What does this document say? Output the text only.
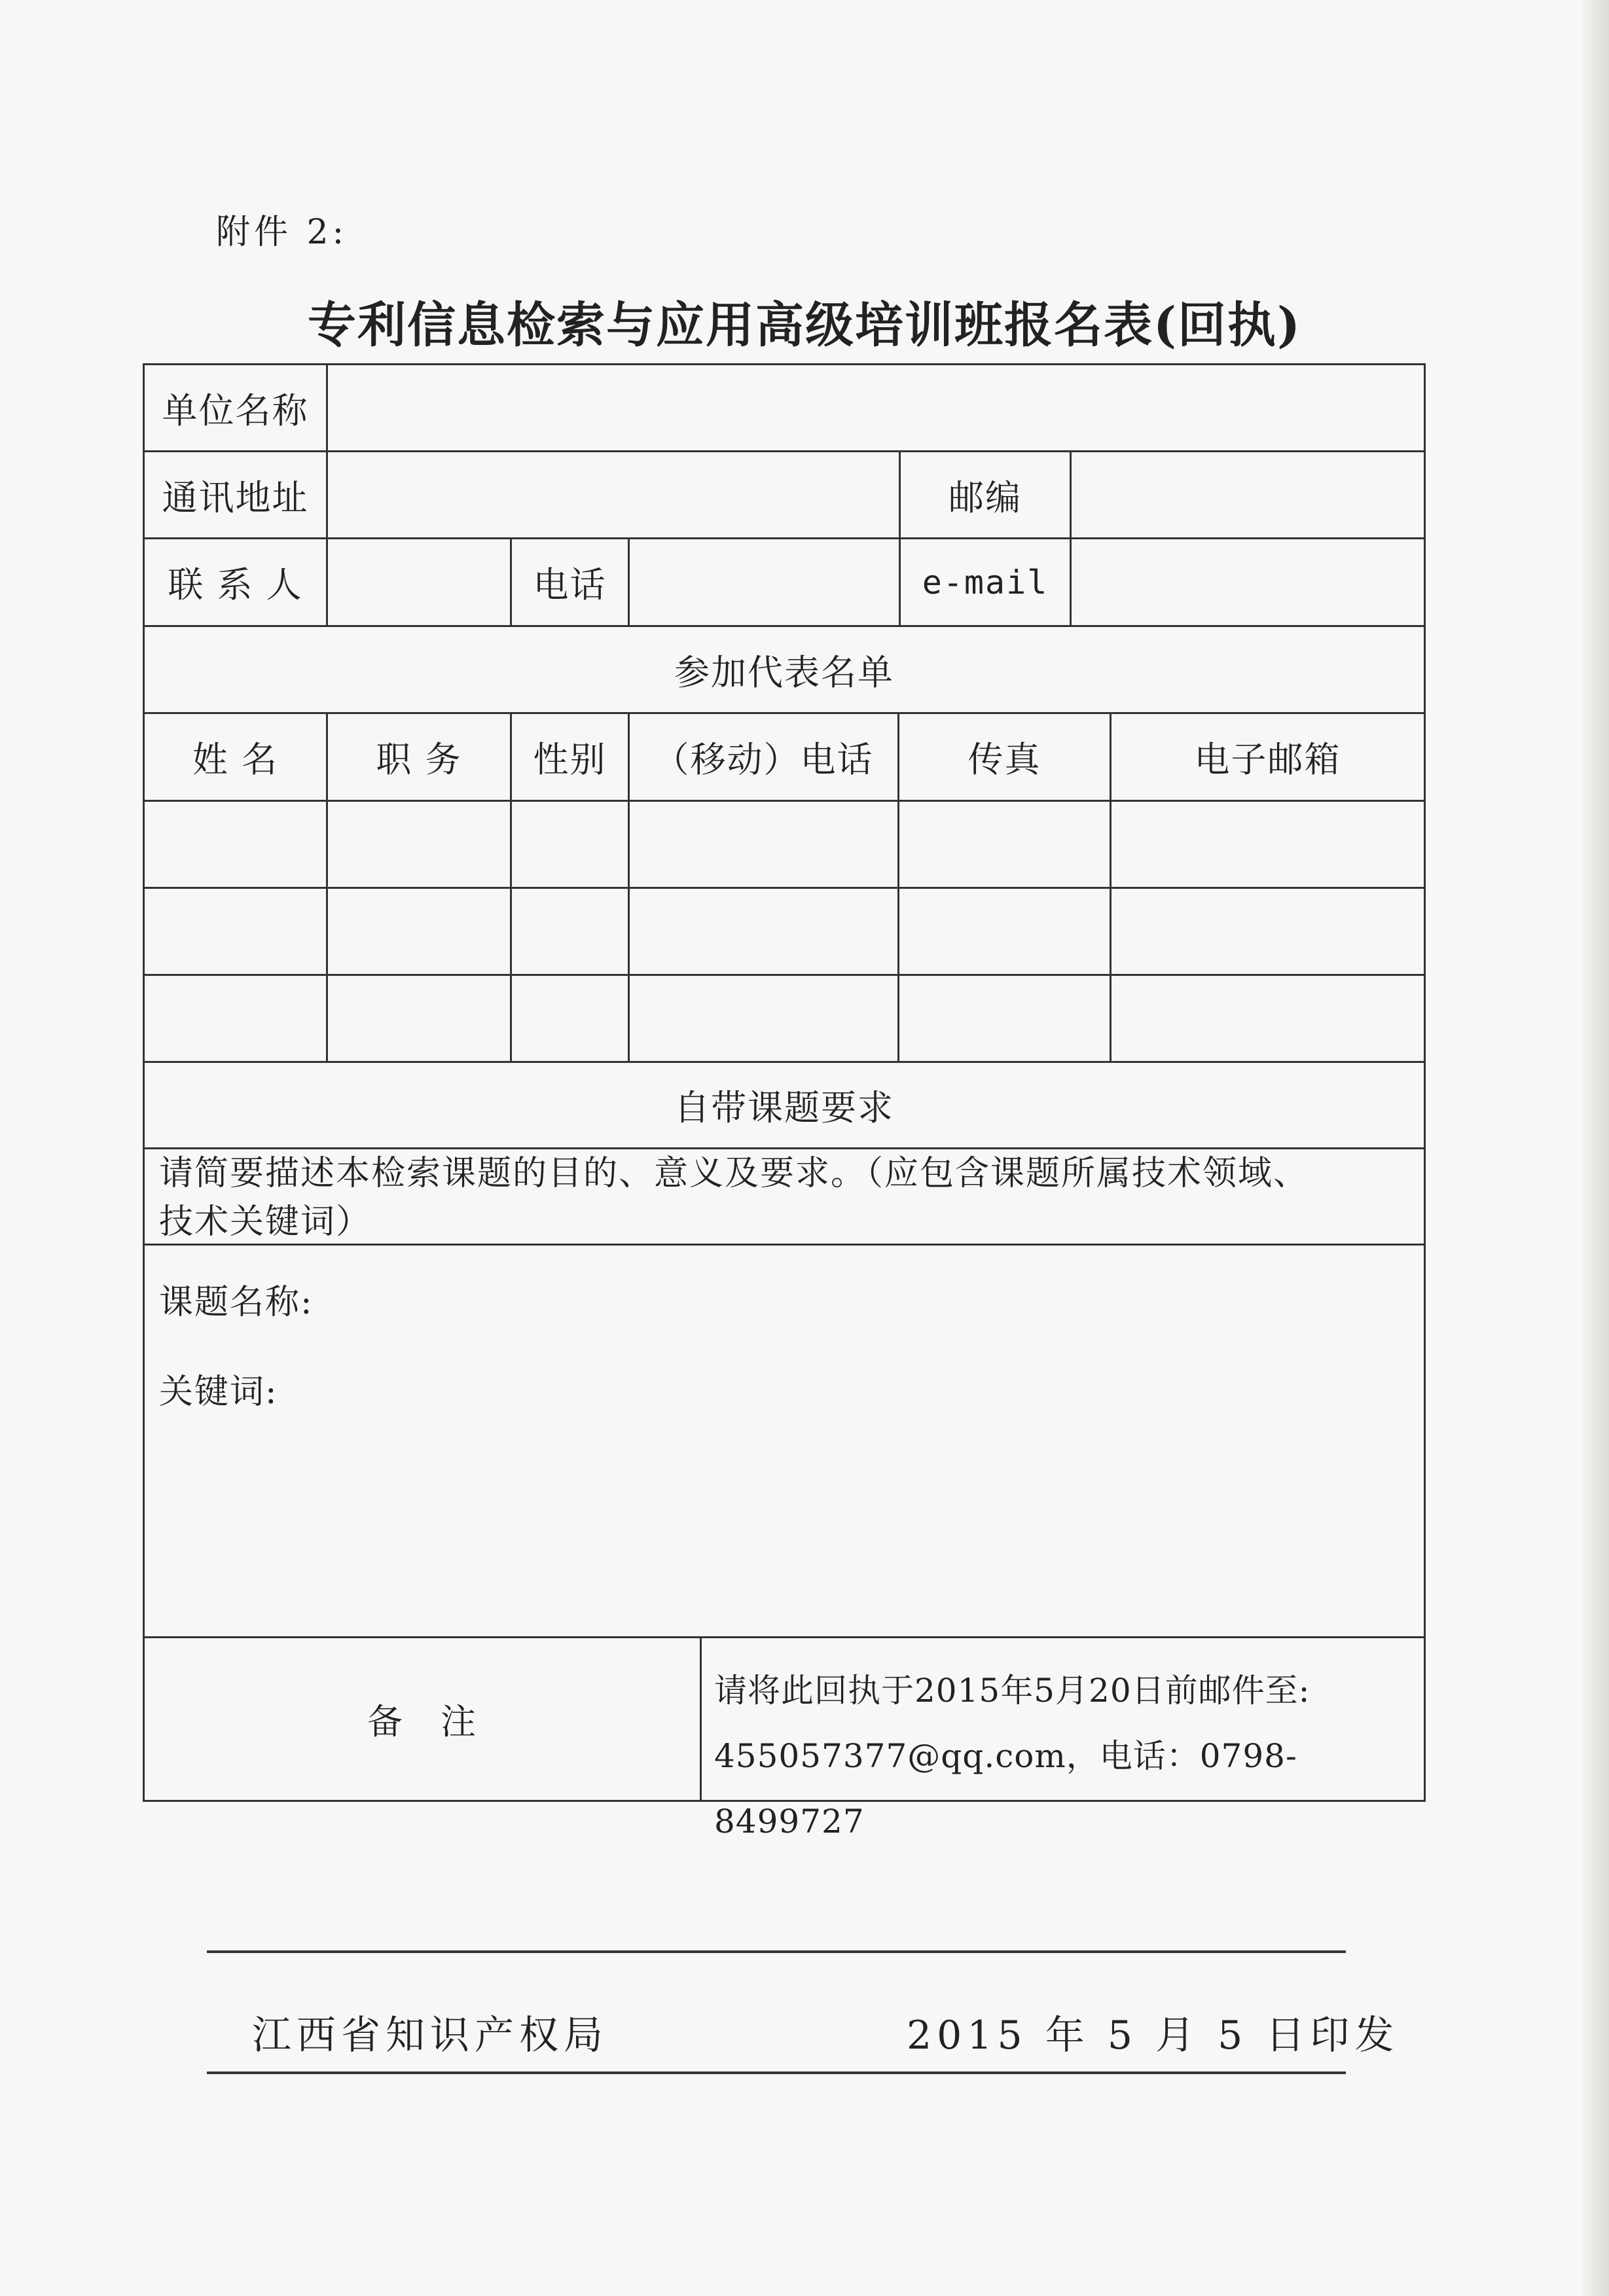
附件 2:
专利信息检索与应用高级培训班报名表(回执)
单位名称
通讯地址	邮编
联 系 人	电话	e-mail
参加代表名单
姓 名	职 务	性别	（移动）电话	传真	电子邮箱
自带课题要求
请简要描述本检索课题的目的、意义及要求。（应包含课题所属技术领域、
技术关键词）
课题名称:
关键词:
备　注
请将此回执于2015年5月20日前邮件至:
455057377@qq.com，电话：0798-8499727
江西省知识产权局	2015 年 5 月 5 日印发
